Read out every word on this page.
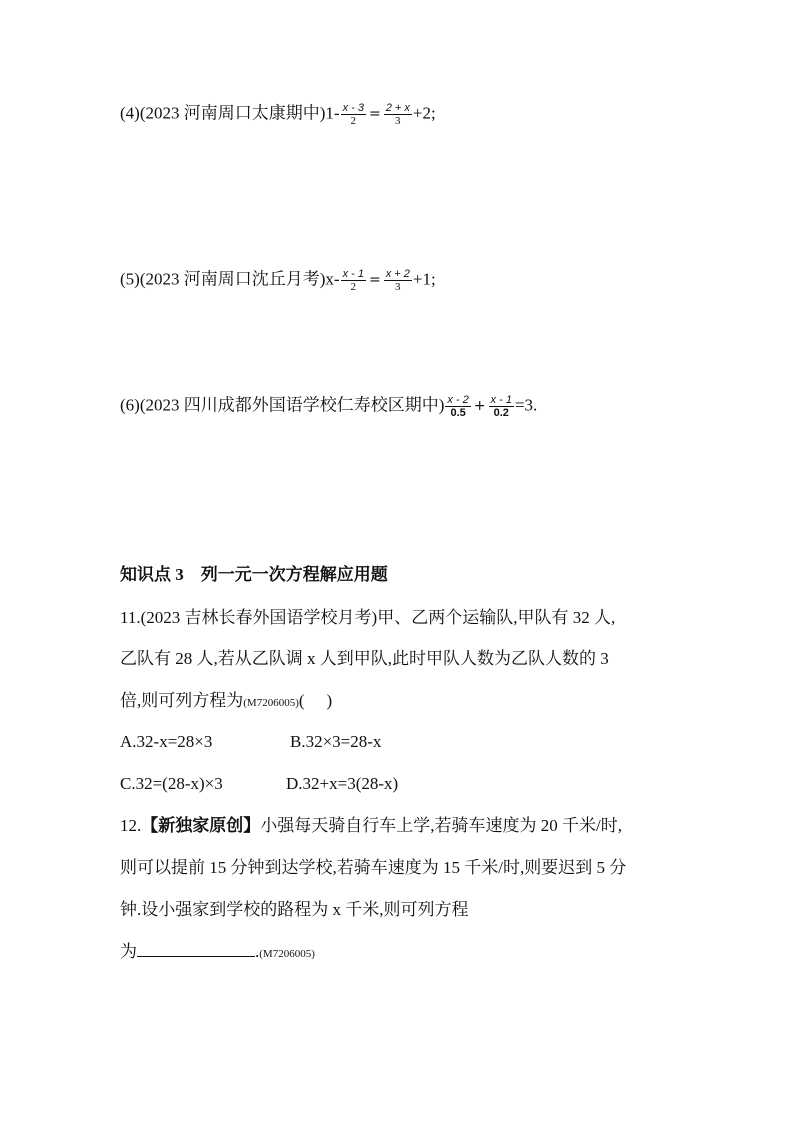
(4)(2023 河南周口太康期中)$1- \frac{x - 3}{2} = \frac{2 + x}{3} +2$;
(5)(2023 河南周口沈丘月考)$x- \frac{x - 1}{2} = \frac{x + 2}{3} +1$;
(6)(2023 四川成都外国语学校仁寿校区期中) $\frac{x - 2}{0.5} + \frac{x - 1}{0.2} =3$.
知识点 3　列一元一次方程解应用题
11.(2023 吉林长春外国语学校月考)甲、乙两个运输队,甲队有 32 人,
乙队有 28 人,若从乙队调 x 人到甲队,此时甲队人数为乙队人数的 3
倍,则可列方程为(M7206005)( )
A.32-x=28×3	B.32×3=28-x
C.32=(28-x)×3	D.32+x=3(28-x)
12.【新独家原创】小强每天骑自行车上学,若骑车速度为 20 千米/时,
则可以提前 15 分钟到达学校,若骑车速度为 15 千米/时,则要迟到 5 分
钟.设小强家到学校的路程为 x 千米,则可列方程
为	.(M7206005)
